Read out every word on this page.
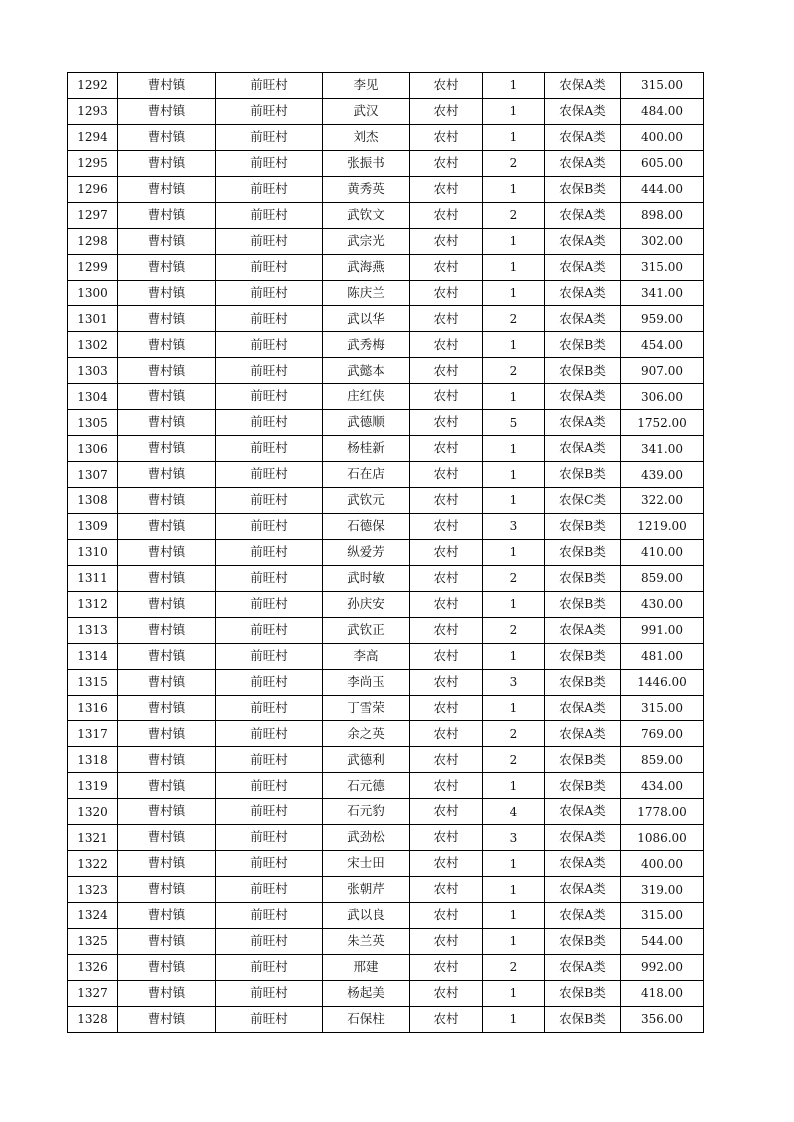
1292	曹村镇	前旺村	李见	农村	1	农保A类	315.00
1293	曹村镇	前旺村	武汉	农村	1	农保A类	484.00
1294	曹村镇	前旺村	刘杰	农村	1	农保A类	400.00
1295	曹村镇	前旺村	张振书	农村	2	农保A类	605.00
1296	曹村镇	前旺村	黄秀英	农村	1	农保B类	444.00
1297	曹村镇	前旺村	武钦文	农村	2	农保A类	898.00
1298	曹村镇	前旺村	武宗光	农村	1	农保A类	302.00
1299	曹村镇	前旺村	武海燕	农村	1	农保A类	315.00
1300	曹村镇	前旺村	陈庆兰	农村	1	农保A类	341.00
1301	曹村镇	前旺村	武以华	农村	2	农保A类	959.00
1302	曹村镇	前旺村	武秀梅	农村	1	农保B类	454.00
1303	曹村镇	前旺村	武懿本	农村	2	农保B类	907.00
1304	曹村镇	前旺村	庄红侠	农村	1	农保A类	306.00
1305	曹村镇	前旺村	武德顺	农村	5	农保A类	1752.00
1306	曹村镇	前旺村	杨桂新	农村	1	农保A类	341.00
1307	曹村镇	前旺村	石在店	农村	1	农保B类	439.00
1308	曹村镇	前旺村	武钦元	农村	1	农保C类	322.00
1309	曹村镇	前旺村	石德保	农村	3	农保B类	1219.00
1310	曹村镇	前旺村	纵爱芳	农村	1	农保B类	410.00
1311	曹村镇	前旺村	武时敏	农村	2	农保B类	859.00
1312	曹村镇	前旺村	孙庆安	农村	1	农保B类	430.00
1313	曹村镇	前旺村	武钦正	农村	2	农保A类	991.00
1314	曹村镇	前旺村	李高	农村	1	农保B类	481.00
1315	曹村镇	前旺村	李尚玉	农村	3	农保B类	1446.00
1316	曹村镇	前旺村	丁雪荣	农村	1	农保A类	315.00
1317	曹村镇	前旺村	余之英	农村	2	农保A类	769.00
1318	曹村镇	前旺村	武德利	农村	2	农保B类	859.00
1319	曹村镇	前旺村	石元德	农村	1	农保B类	434.00
1320	曹村镇	前旺村	石元豹	农村	4	农保A类	1778.00
1321	曹村镇	前旺村	武劲松	农村	3	农保A类	1086.00
1322	曹村镇	前旺村	宋士田	农村	1	农保A类	400.00
1323	曹村镇	前旺村	张朝芹	农村	1	农保A类	319.00
1324	曹村镇	前旺村	武以良	农村	1	农保A类	315.00
1325	曹村镇	前旺村	朱兰英	农村	1	农保B类	544.00
1326	曹村镇	前旺村	邢建	农村	2	农保A类	992.00
1327	曹村镇	前旺村	杨起美	农村	1	农保B类	418.00
1328	曹村镇	前旺村	石保柱	农村	1	农保B类	356.00
